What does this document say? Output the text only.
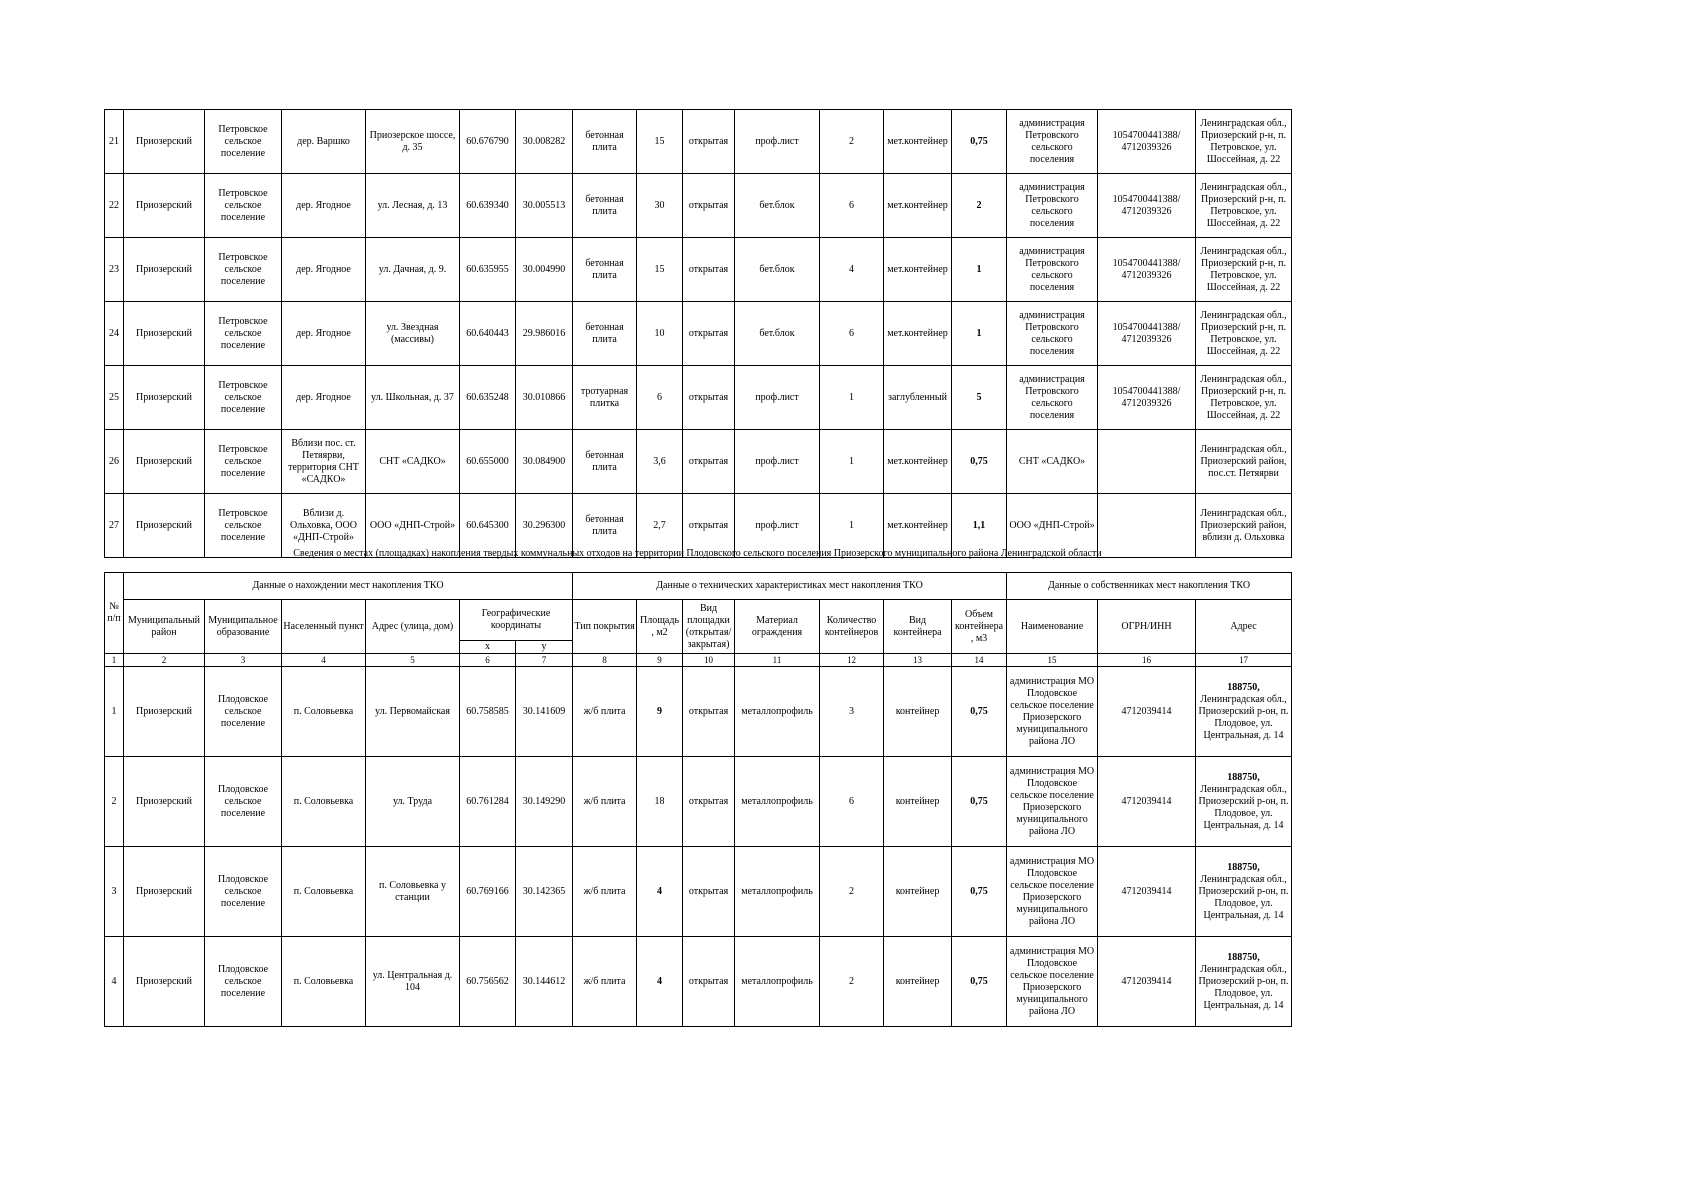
21	Приозерский	Петровское сельское поселение	дер. Варшко	Приозерское шоссе, д. 35	60.676790	30.008282	бетонная плита	15	открытая	проф.лист	2	мет.контейнер	0,75	администрация Петровского сельского поселения	1054700441388/ 4712039326	Ленинградская обл., Приозерский р-н, п. Петровское, ул. Шоссейная, д. 22
22	Приозерский	Петровское сельское поселение	дер. Ягодное	ул. Лесная, д. 13	60.639340	30.005513	бетонная плита	30	открытая	бет.блок	6	мет.контейнер	2	администрация Петровского сельского поселения	1054700441388/ 4712039326	Ленинградская обл., Приозерский р-н, п. Петровское, ул. Шоссейная, д. 22
23	Приозерский	Петровское сельское поселение	дер. Ягодное	ул. Дачная, д. 9.	60.635955	30.004990	бетонная плита	15	открытая	бет.блок	4	мет.контейнер	1	администрация Петровского сельского поселения	1054700441388/ 4712039326	Ленинградская обл., Приозерский р-н, п. Петровское, ул. Шоссейная, д. 22
24	Приозерский	Петровское сельское поселение	дер. Ягодное	ул. Звездная (массивы)	60.640443	29.986016	бетонная плита	10	открытая	бет.блок	6	мет.контейнер	1	администрация Петровского сельского поселения	1054700441388/ 4712039326	Ленинградская обл., Приозерский р-н, п. Петровское, ул. Шоссейная, д. 22
25	Приозерский	Петровское сельское поселение	дер. Ягодное	ул. Школьная, д. 37	60.635248	30.010866	тротуарная плитка	6	открытая	проф.лист	1	заглубленный	5	администрация Петровского сельского поселения	1054700441388/ 4712039326	Ленинградская обл., Приозерский р-н, п. Петровское, ул. Шоссейная, д. 22
26	Приозерский	Петровское сельское поселение	Вблизи пос. ст. Петяярви, территория СНТ «САДКО»	СНТ «САДКО»	60.655000	30.084900	бетонная плита	3,6	открытая	проф.лист	1	мет.контейнер	0,75	СНТ «САДКО»		Ленинградская обл., Приозерский район, пос.ст. Петяярви
27	Приозерский	Петровское сельское поселение	Вблизи д. Ольховка, ООО «ДНП-Строй»	ООО «ДНП-Строй»	60.645300	30.296300	бетонная плита	2,7	открытая	проф.лист	1	мет.контейнер	1,1	ООО «ДНП-Строй»		Ленинградская обл., Приозерский район, вблизи д. Ольховка
Сведения о местах (площадках) накопления твердых коммунальных отходов на территории Плодовского сельского поселения Приозерского муниципального района Ленинградской области
№ п/п	Данные о нахождении мест накопления ТКО						Данные о технических характеристиках мест накопления ТКО							Данные о собственниках мест накопления ТКО		
	Муниципальный район	Муниципальное образование	Населенный пункт	Адрес (улица, дом)	Географические координаты		Тип покрытия	Площадь , м2	Вид площадки (открытая/ закрытая)	Материал ограждения	Количество контейнеров	Вид контейнера	Объем контейнера , м3	Наименование	ОГРН/ИНН	Адрес
					x	y										
1	2	3	4	5	6	7	8	9	10	11	12	13	14	15	16	17
1	Приозерский	Плодовское сельское поселение	п. Соловьевка	ул. Первомайская	60.758585	30.141609	ж/б плита	9	открытая	металлопрофиль	3	контейнер	0,75	администрация МО Плодовское сельское поселение Приозерского муниципального района ЛО	4712039414	188750,
Ленинградская обл., Приозерский р-он, п. Плодовое, ул. Центральная, д. 14

2	Приозерский	Плодовское сельское поселение	п. Соловьевка	ул. Труда	60.761284	30.149290	ж/б плита	18	открытая	металлопрофиль	6	контейнер	0,75	администрация МО Плодовское сельское поселение Приозерского муниципального района ЛО	4712039414	188750,
Ленинградская обл., Приозерский р-он, п. Плодовое, ул. Центральная, д. 14

3	Приозерский	Плодовское сельское поселение	п. Соловьевка	п. Соловьевка у станции	60.769166	30.142365	ж/б плита	4	открытая	металлопрофиль	2	контейнер	0,75	администрация МО Плодовское сельское поселение Приозерского муниципального района ЛО	4712039414	188750,
Ленинградская обл., Приозерский р-он, п. Плодовое, ул. Центральная, д. 14

4	Приозерский	Плодовское сельское поселение	п. Соловьевка	ул. Центральная д. 104	60.756562	30.144612	ж/б плита	4	открытая	металлопрофиль	2	контейнер	0,75	администрация МО Плодовское сельское поселение Приозерского муниципального района ЛО	4712039414	188750,
Ленинградская обл., Приозерский р-он, п. Плодовое, ул. Центральная, д. 14
